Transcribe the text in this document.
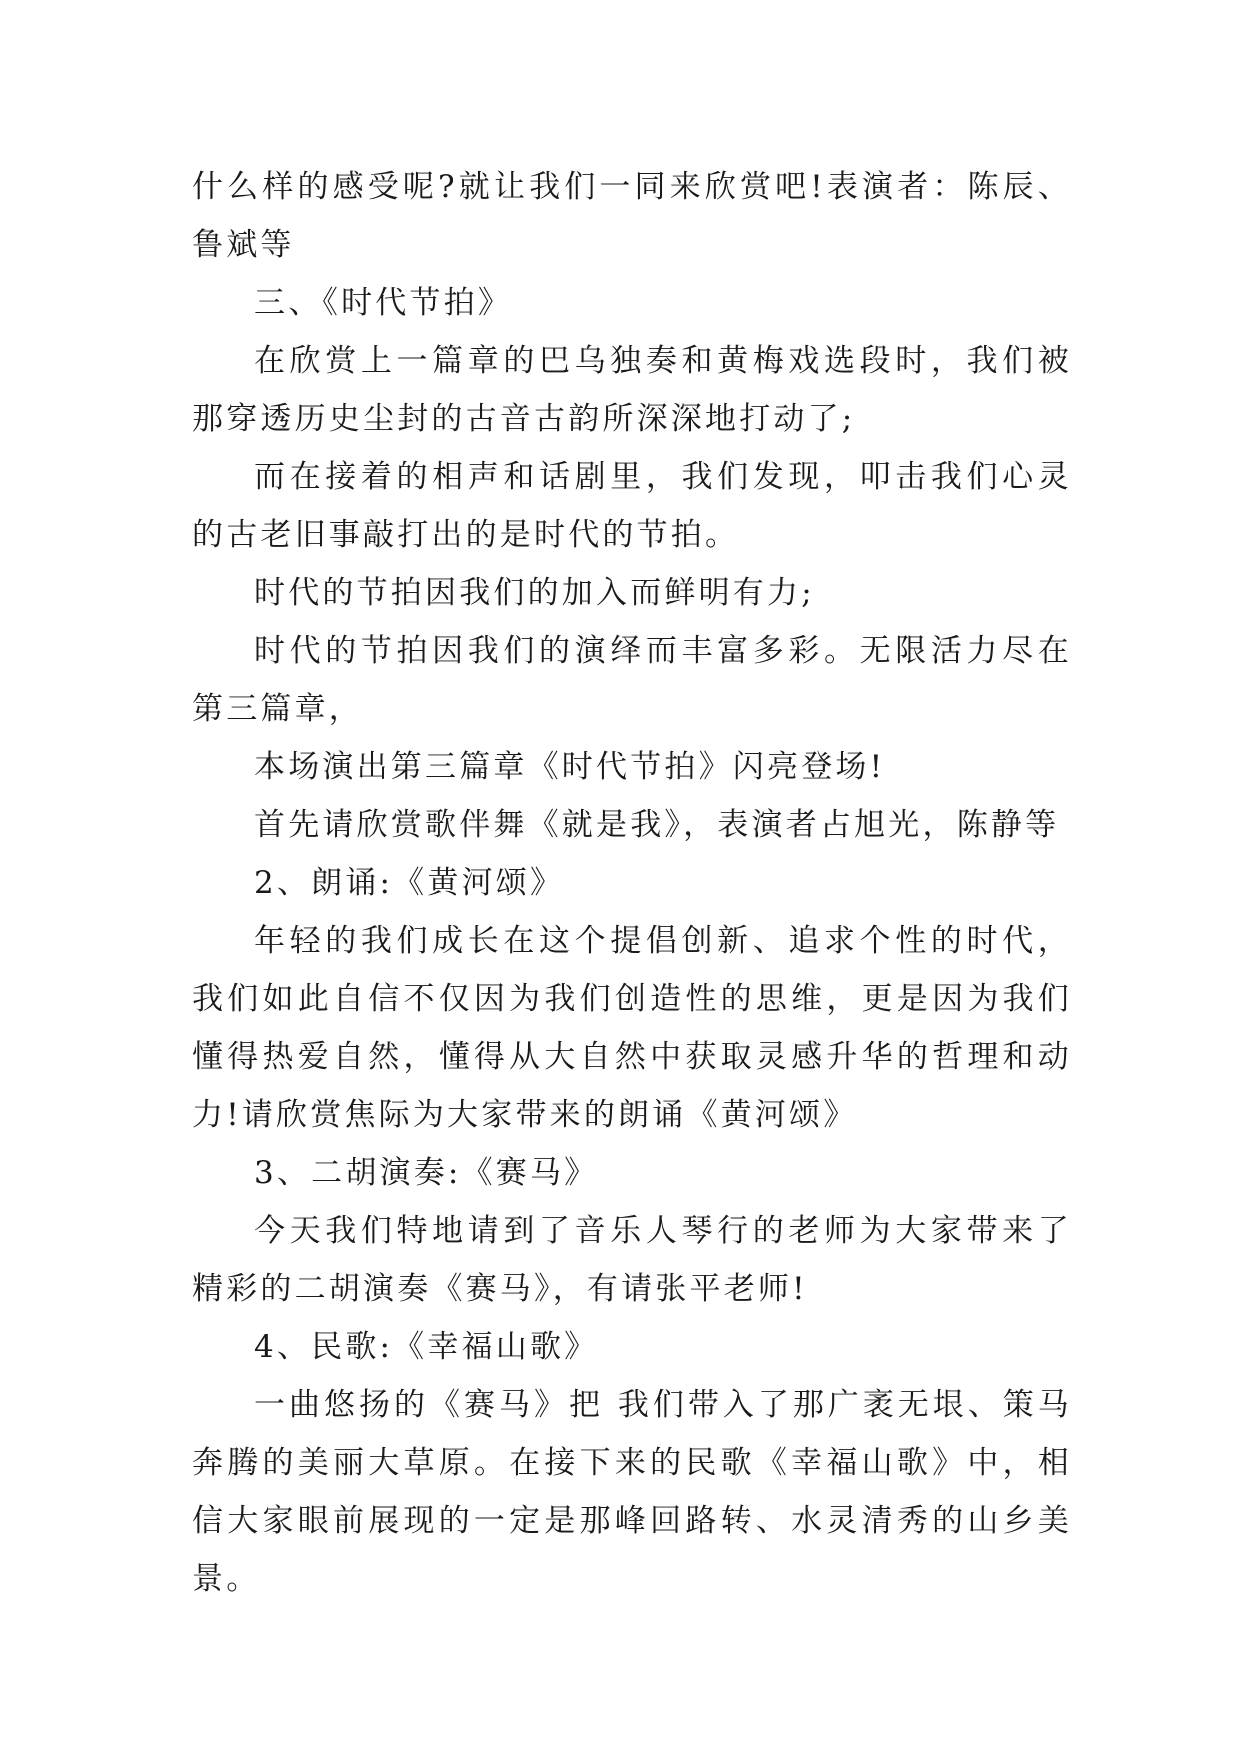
什么样的感受呢?就让我们一同来欣赏吧!表演者：陈辰、鲁斌等

三、《时代节拍》

在欣赏上一篇章的巴乌独奏和黄梅戏选段时，我们被那穿透历史尘封的古音古韵所深深地打动了;

而在接着的相声和话剧里，我们发现，叩击我们心灵的古老旧事敲打出的是时代的节拍。

时代的节拍因我们的加入而鲜明有力;

时代的节拍因我们的演绎而丰富多彩。无限活力尽在第三篇章，

本场演出第三篇章《时代节拍》闪亮登场!

首先请欣赏歌伴舞《就是我》，表演者占旭光，陈静等

2、朗诵:《黄河颂》

年轻的我们成长在这个提倡创新、追求个性的时代，我们如此自信不仅因为我们创造性的思维，更是因为我们懂得热爱自然，懂得从大自然中获取灵感升华的哲理和动力!请欣赏焦际为大家带来的朗诵《黄河颂》

3、二胡演奏:《赛马》

今天我们特地请到了音乐人琴行的老师为大家带来了精彩的二胡演奏《赛马》，有请张平老师!

4、民歌:《幸福山歌》

一曲悠扬的《赛马》把 我们带入了那广袤无垠、策马奔腾的美丽大草原。在接下来的民歌《幸福山歌》中，相信大家眼前展现的一定是那峰回路转、水灵清秀的山乡美景。
